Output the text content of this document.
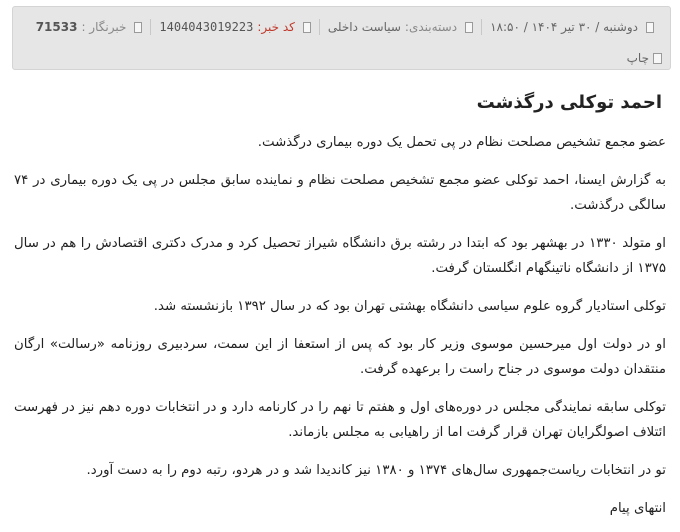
دوشنبه / ۳۰ تیر ۱۴۰۴ / ۱۸:۵۰
دسته‌بندی:
سیاست داخلی
کد خبر:
1404043019223
خبرنگار :
71533
چاپ
احمد توکلی درگذشت

عضو مجمع تشخیص مصلحت نظام در پی تحمل یک دوره بیماری درگذشت.

به گزارش ایسنا، احمد توکلی عضو مجمع تشخیص مصلحت نظام و نماینده سابق مجلس در پی یک دوره بیماری در ۷۴ سالگی درگذشت.

او متولد ۱۳۳۰ در بهشهر بود که ابتدا در رشته برق دانشگاه شیراز تحصیل کرد و مدرک دکتری اقتصادش را هم در سال ۱۳۷۵ از دانشگاه ناتینگهام انگلستان گرفت.

توکلی استادیار گروه علوم سیاسی دانشگاه بهشتی تهران بود که در سال ۱۳۹۲ بازنشسته شد.

او در دولت اول میرحسین موسوی وزیر کار بود که پس از استعفا از این سمت، سردبیری روزنامه «رسالت» ارگان منتقدان دولت موسوی در جناح راست را برعهده گرفت.

توکلی سابقه نمایندگی مجلس در دوره‌های اول و هفتم تا نهم را در کارنامه دارد و در انتخابات دوره دهم نیز در فهرست ائتلاف اصولگرایان تهران قرار گرفت اما از راهیابی به مجلس بازماند.

تو در انتخابات ریاست‌جمهوری سال‌های ۱۳۷۴ و ۱۳۸۰ نیز کاندیدا شد و در هردو، رتبه دوم را به دست آورد.

انتهای پیام
